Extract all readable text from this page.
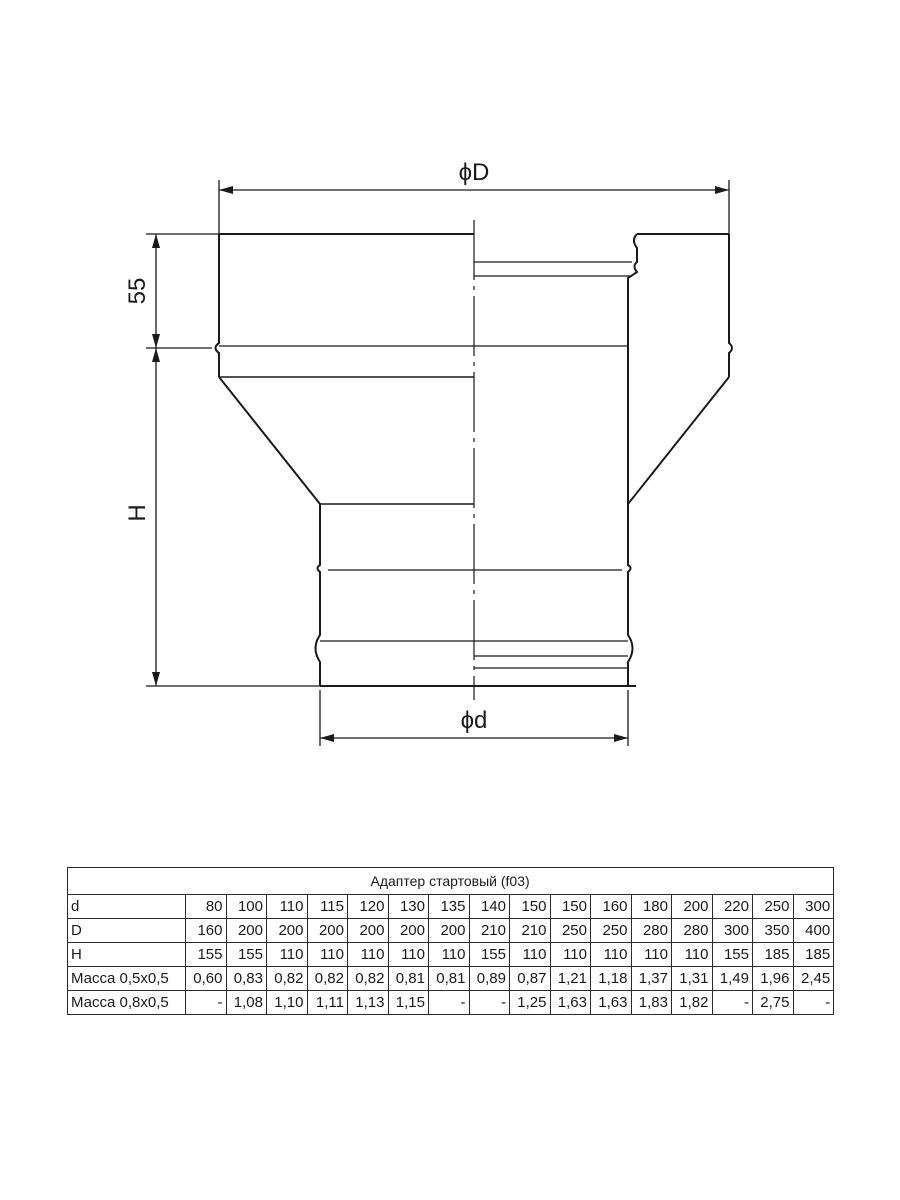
ϕD
ϕd
55
H
Адаптер стартовый (f03)																
d	80	100	110	115	120	130	135	140	150	150	160	180	200	220	250	300
D	160	200	200	200	200	200	200	210	210	250	250	280	280	300	350	400
H	155	155	110	110	110	110	110	155	110	110	110	110	110	155	185	185
Масса 0,5х0,5	0,60	0,83	0,82	0,82	0,82	0,81	0,81	0,89	0,87	1,21	1,18	1,37	1,31	1,49	1,96	2,45
Масса 0,8х0,5	-	1,08	1,10	1,11	1,13	1,15	-	-	1,25	1,63	1,63	1,83	1,82	-	2,75	-
